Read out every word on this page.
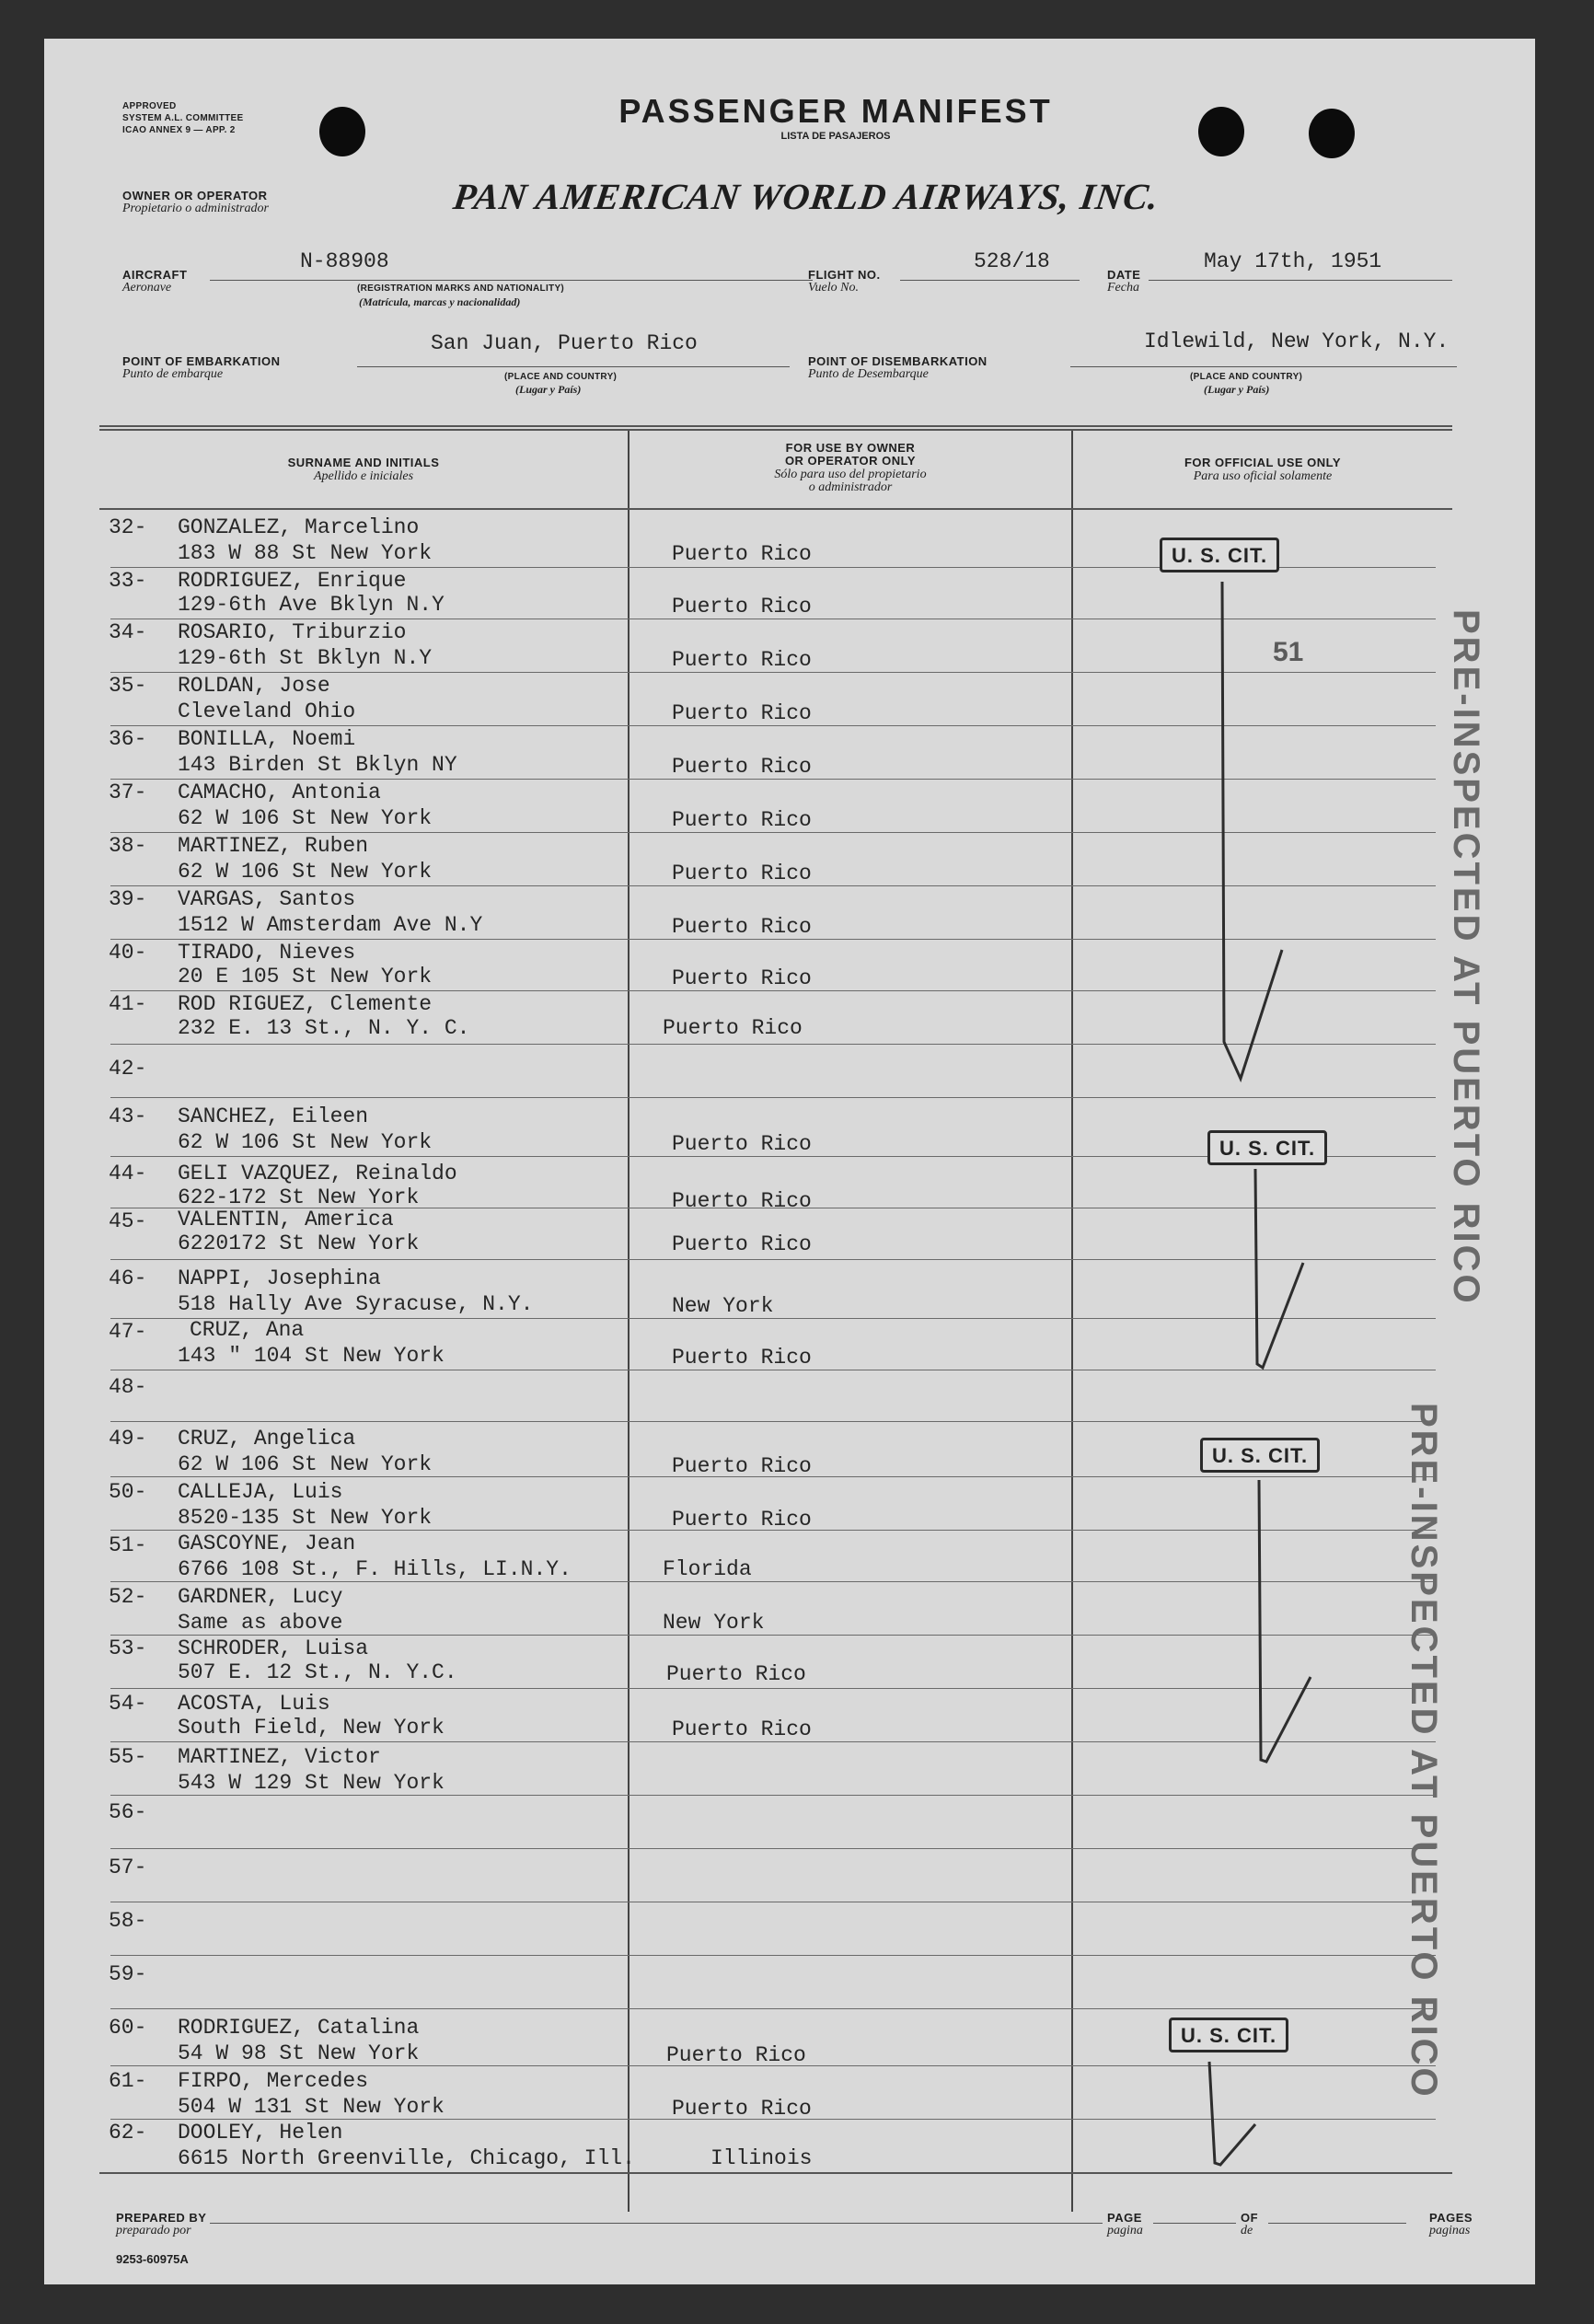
APPROVED
SYSTEM A.L. COMMITTEE
ICAO ANNEX 9 — APP. 2
PASSENGER MANIFEST
LISTA DE PASAJEROS
OWNER OR OPERATOR
Propietario o administrador	PAN AMERICAN WORLD AIRWAYS, INC.
AIRCRAFT
Aeronave
N-88908
(REGISTRATION MARKS AND NATIONALITY)
(Matrícula, marcas y nacionalidad)
FLIGHT NO.
Vuelo No.
528/18
DATE
Fecha
May 17th, 1951
POINT OF EMBARKATION
Punto de embarque
San Juan, Puerto Rico
(PLACE AND COUNTRY)
(Lugar y País)
POINT OF DISEMBARKATION
Punto de Desembarque
Idlewild, New York, N.Y.
(PLACE AND COUNTRY)
(Lugar y País)
SURNAME AND INITIALS
Apellido e iniciales
FOR USE BY OWNER
OR OPERATOR ONLY
Sólo para uso del propietario
o administrador
FOR OFFICIAL USE ONLY
Para uso oficial solamente
32-	GONZALEZ, Marcelino
183 W 88 St New York	Puerto Rico
33-	RODRIGUEZ, Enrique
129-6th Ave Bklyn N.Y	Puerto Rico
34-	ROSARIO, Triburzio
129-6th St Bklyn N.Y	Puerto Rico
35-	ROLDAN, Jose
Cleveland Ohio	Puerto Rico
36-	BONILLA, Noemi
143 Birden St Bklyn NY	Puerto Rico
37-	CAMACHO, Antonia
62 W 106 St New York	Puerto Rico
38-	MARTINEZ, Ruben
62 W 106 St New York	Puerto Rico
39-	VARGAS, Santos
1512 W Amsterdam Ave N.Y	Puerto Rico
40-	TIRADO, Nieves
20 E 105 St New York	Puerto Rico
41-	ROD RIGUEZ, Clemente
232 E. 13 St., N. Y. C.	Puerto Rico
42-
43-	SANCHEZ, Eileen
62 W 106 St New York	Puerto Rico
44-	GELI VAZQUEZ, Reinaldo
622-172 St New York	Puerto Rico
45-	VALENTIN, America
6220172 St New York	Puerto Rico
46-	NAPPI, Josephina
518 Hally Ave Syracuse, N.Y.	New York
47-	CRUZ, Ana
143 " 104 St New York	Puerto Rico
48-
49-	CRUZ, Angelica
62 W 106 St New York	Puerto Rico
50-	CALLEJA, Luis
8520-135 St New York	Puerto Rico
51-	GASCOYNE, Jean
6766 108 St., F. Hills, LI.N.Y.	Florida
52-	GARDNER, Lucy
Same as above	New York
53-	SCHRODER, Luisa
507 E. 12 St., N. Y.C.	Puerto Rico
54-	ACOSTA, Luis
South Field, New York	Puerto Rico
55-	MARTINEZ, Victor
543 W 129 St New York
56-
57-
58-
59-
60-	RODRIGUEZ, Catalina
54 W 98 St New York	Puerto Rico
61-	FIRPO, Mercedes
504 W 131 St New York	Puerto Rico
62-	DOOLEY, Helen
6615 North Greenville, Chicago, Ill.	Illinois
U. S. CIT.
51
U. S. CIT.
U. S. CIT.
U. S. CIT.
PRE-INSPECTED AT PUERTO RICO
PRE-INSPECTED AT PUERTO RICO
PREPARED BY
preparado por
PAGE
pagina
OF
de
PAGES
paginas
9253-60975A
